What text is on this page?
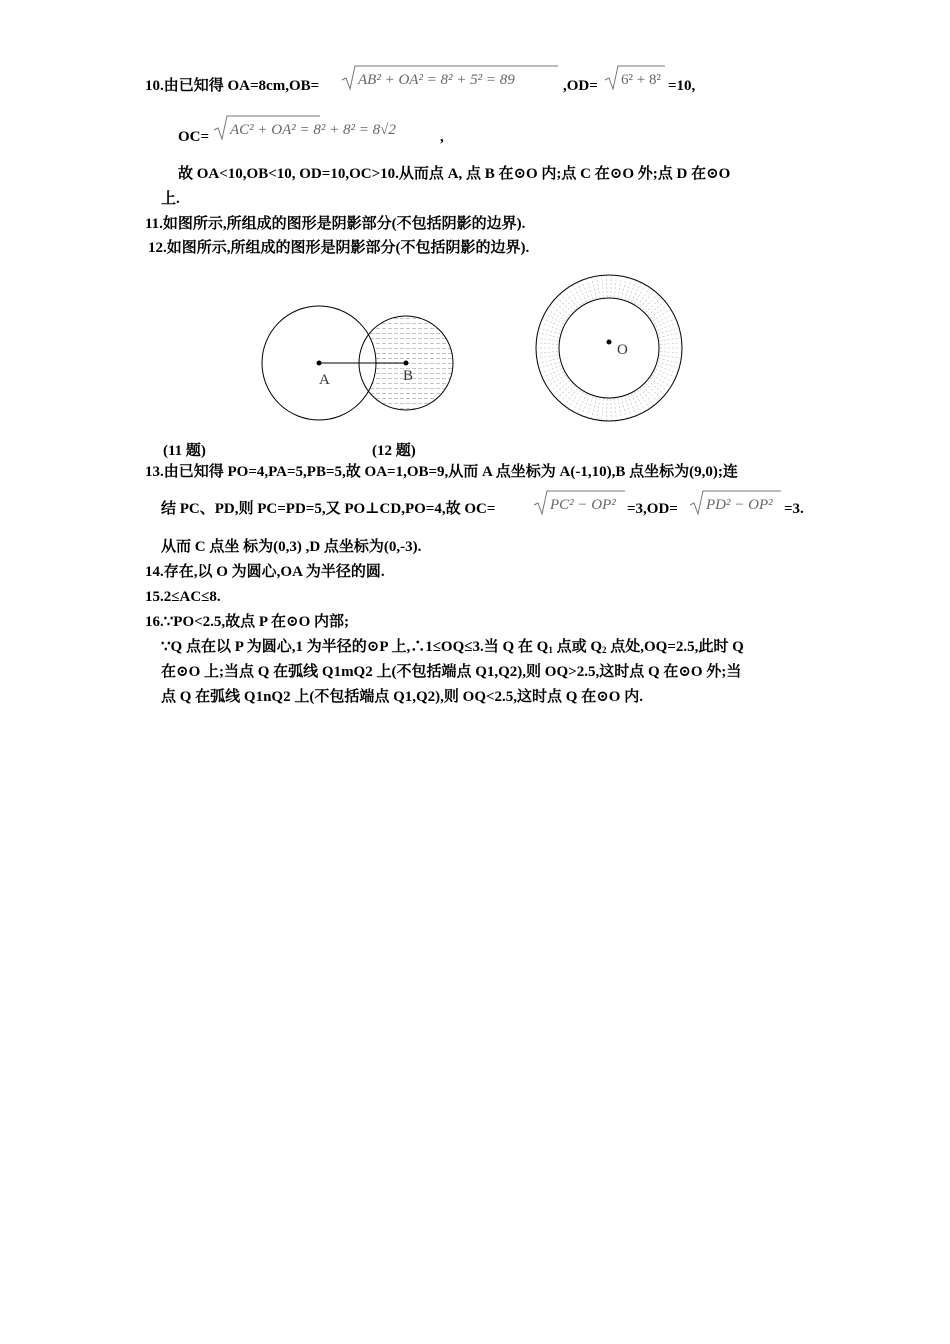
10.由已知得 OA=8cm,OB=	AB² + OA² = 8² + 5² = 89	,OD= 6² + 8² =10,
OC= AC² + OA² = 8² + 8² = 8√2	,
故 OA<10,OB<10, OD=10,OC>10.从而点 A, 点 B 在⊙O 内;点 C 在⊙O 外;点 D 在⊙O
上.
11.如图所示,所组成的图形是阴影部分(不包括阴影的边界).
12.如图所示,所组成的图形是阴影部分(不包括阴影的边界).
A	B
O
(11 题)	(12 题)
13.由已知得 PO=4,PA=5,PB=5,故 OA=1,OB=9,从而 A 点坐标为 A(-1,10),B 点坐标为(9,0);连
结 PC、PD,则 PC=PD=5,又 PO⊥CD,PO=4,故 OC=	PC² − OP² =3,OD= PD² − OP² =3.
从而 C 点坐 标为(0,3) ,D 点坐标为(0,-3).
14.存在,以 O 为圆心,OA 为半径的圆.
15.2≤AC≤8.
16.∵PO<2.5,故点 P 在⊙O 内部;
∵Q 点在以 P 为圆心,1 为半径的⊙P 上,∴1≤OQ≤3.当 Q 在 $Q_1$ 点或 $Q_2$ 点处,OQ=2.5,此时 Q
在⊙O 上;当点 Q 在弧线 Q1mQ2 上(不包括端点 Q1,Q2),则 OQ>2.5,这时点 Q 在⊙O 外;当
点 Q 在弧线 Q1nQ2 上(不包括端点 Q1,Q2),则 OQ<2.5,这时点 Q 在⊙O 内.
